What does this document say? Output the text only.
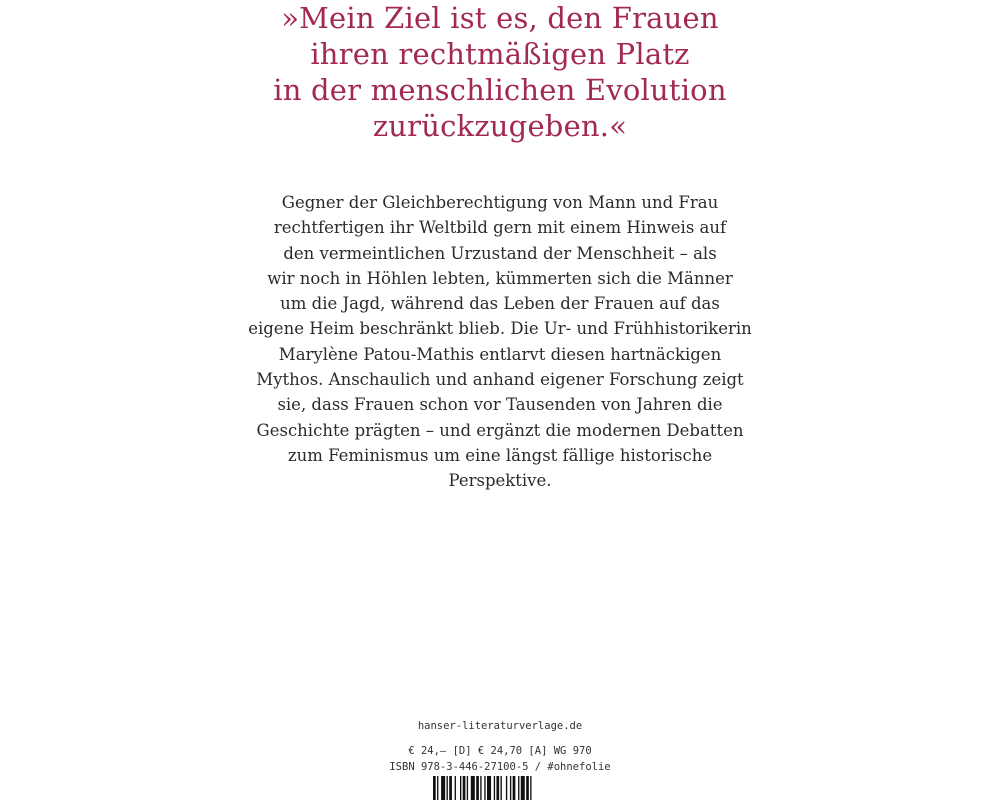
»Mein Ziel ist es, den Frauen
ihren rechtmäßigen Platz
in der menschlichen Evolution
zurückzugeben.«
Gegner der Gleichberechtigung von Mann und Frau
rechtfertigen ihr Weltbild gern mit einem Hinweis auf
den vermeintlichen Urzustand der Menschheit – als
wir noch in Höhlen lebten, kümmerten sich die Männer
um die Jagd, während das Leben der Frauen auf das
eigene Heim beschränkt blieb. Die Ur- und Frühhistorikerin
Marylène Patou-Mathis entlarvt diesen hartnäckigen
Mythos. Anschaulich und anhand eigener Forschung zeigt
sie, dass Frauen schon vor Tausenden von Jahren die
Geschichte prägten – und ergänzt die modernen Debatten
zum Feminismus um eine längst fällige historische
Perspektive.
hanser-literaturverlage.de
€ 24,– [D] € 24,70 [A] WG 970
ISBN 978-3-446-27100-5 / #ohnefolie
